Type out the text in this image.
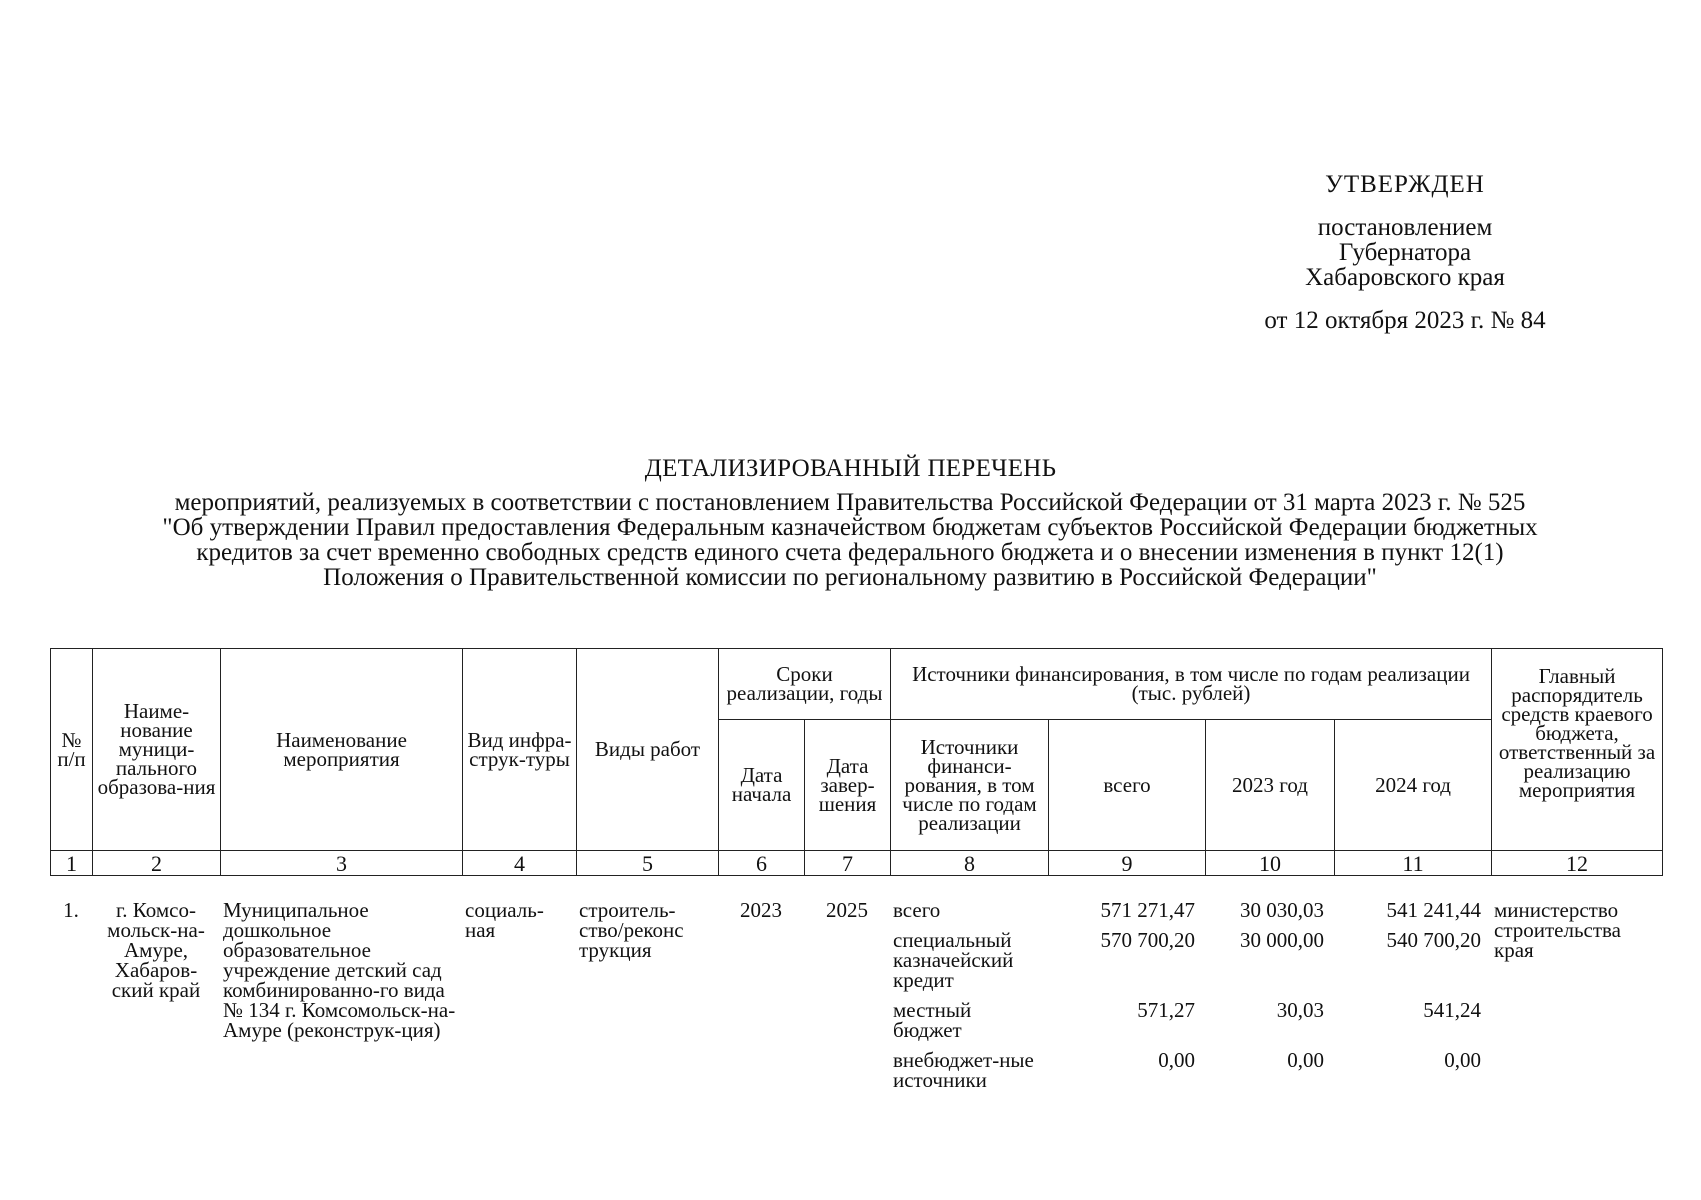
УТВЕРЖДЕН
постановлением
Губернатора
Хабаровского края
от 12 октября 2023 г. № 84
ДЕТАЛИЗИРОВАННЫЙ ПЕРЕЧЕНЬ
мероприятий, реализуемых в соответствии с постановлением Правительства Российской Федерации от 31 марта 2023 г. № 525
"Об утверждении Правил предоставления Федеральным казначейством бюджетам субъектов Российской Федерации бюджетных
кредитов за счет временно свободных средств единого счета федерального бюджета и о внесении изменения в пункт 12(1)
Положения о Правительственной комиссии по региональному развитию в Российской Федерации"
№ п/п	Наиме-нование муници-пального образова-ния	Наименование мероприятия	Вид инфра-струк-туры	Виды работ	Сроки реализации, годы		Источники финансирования, в том числе по годам реализации (тыс. рублей)				Главный распорядитель средств краевого бюджета, ответственный за реализацию мероприятия
					Дата начала	Дата завер-шения	Источники финанси-рования, в том числе по годам реализации	всего	2023 год	2024 год	
1	2	3	4	5	6	7	8	9	10	11	12
1.	г. Комсо-мольск-на-Амуре, Хабаров-ский край	Муниципальное дошкольное образовательное учреждение детский сад комбинированно-го вида № 134 г. Комсомольск-на-Амуре (реконструк-ция)	социаль-ная	строитель-ство/реконс трукция	2023	2025	всего	571 271,47	30 030,03	541 241,44	министерство строительства края

							специальный казначейский кредит	570 700,20	30 000,00	540 700,20	

							местный бюджет	571,27	30,03	541,24	

							внебюджет-ные источники	0,00	0,00	0,00	
